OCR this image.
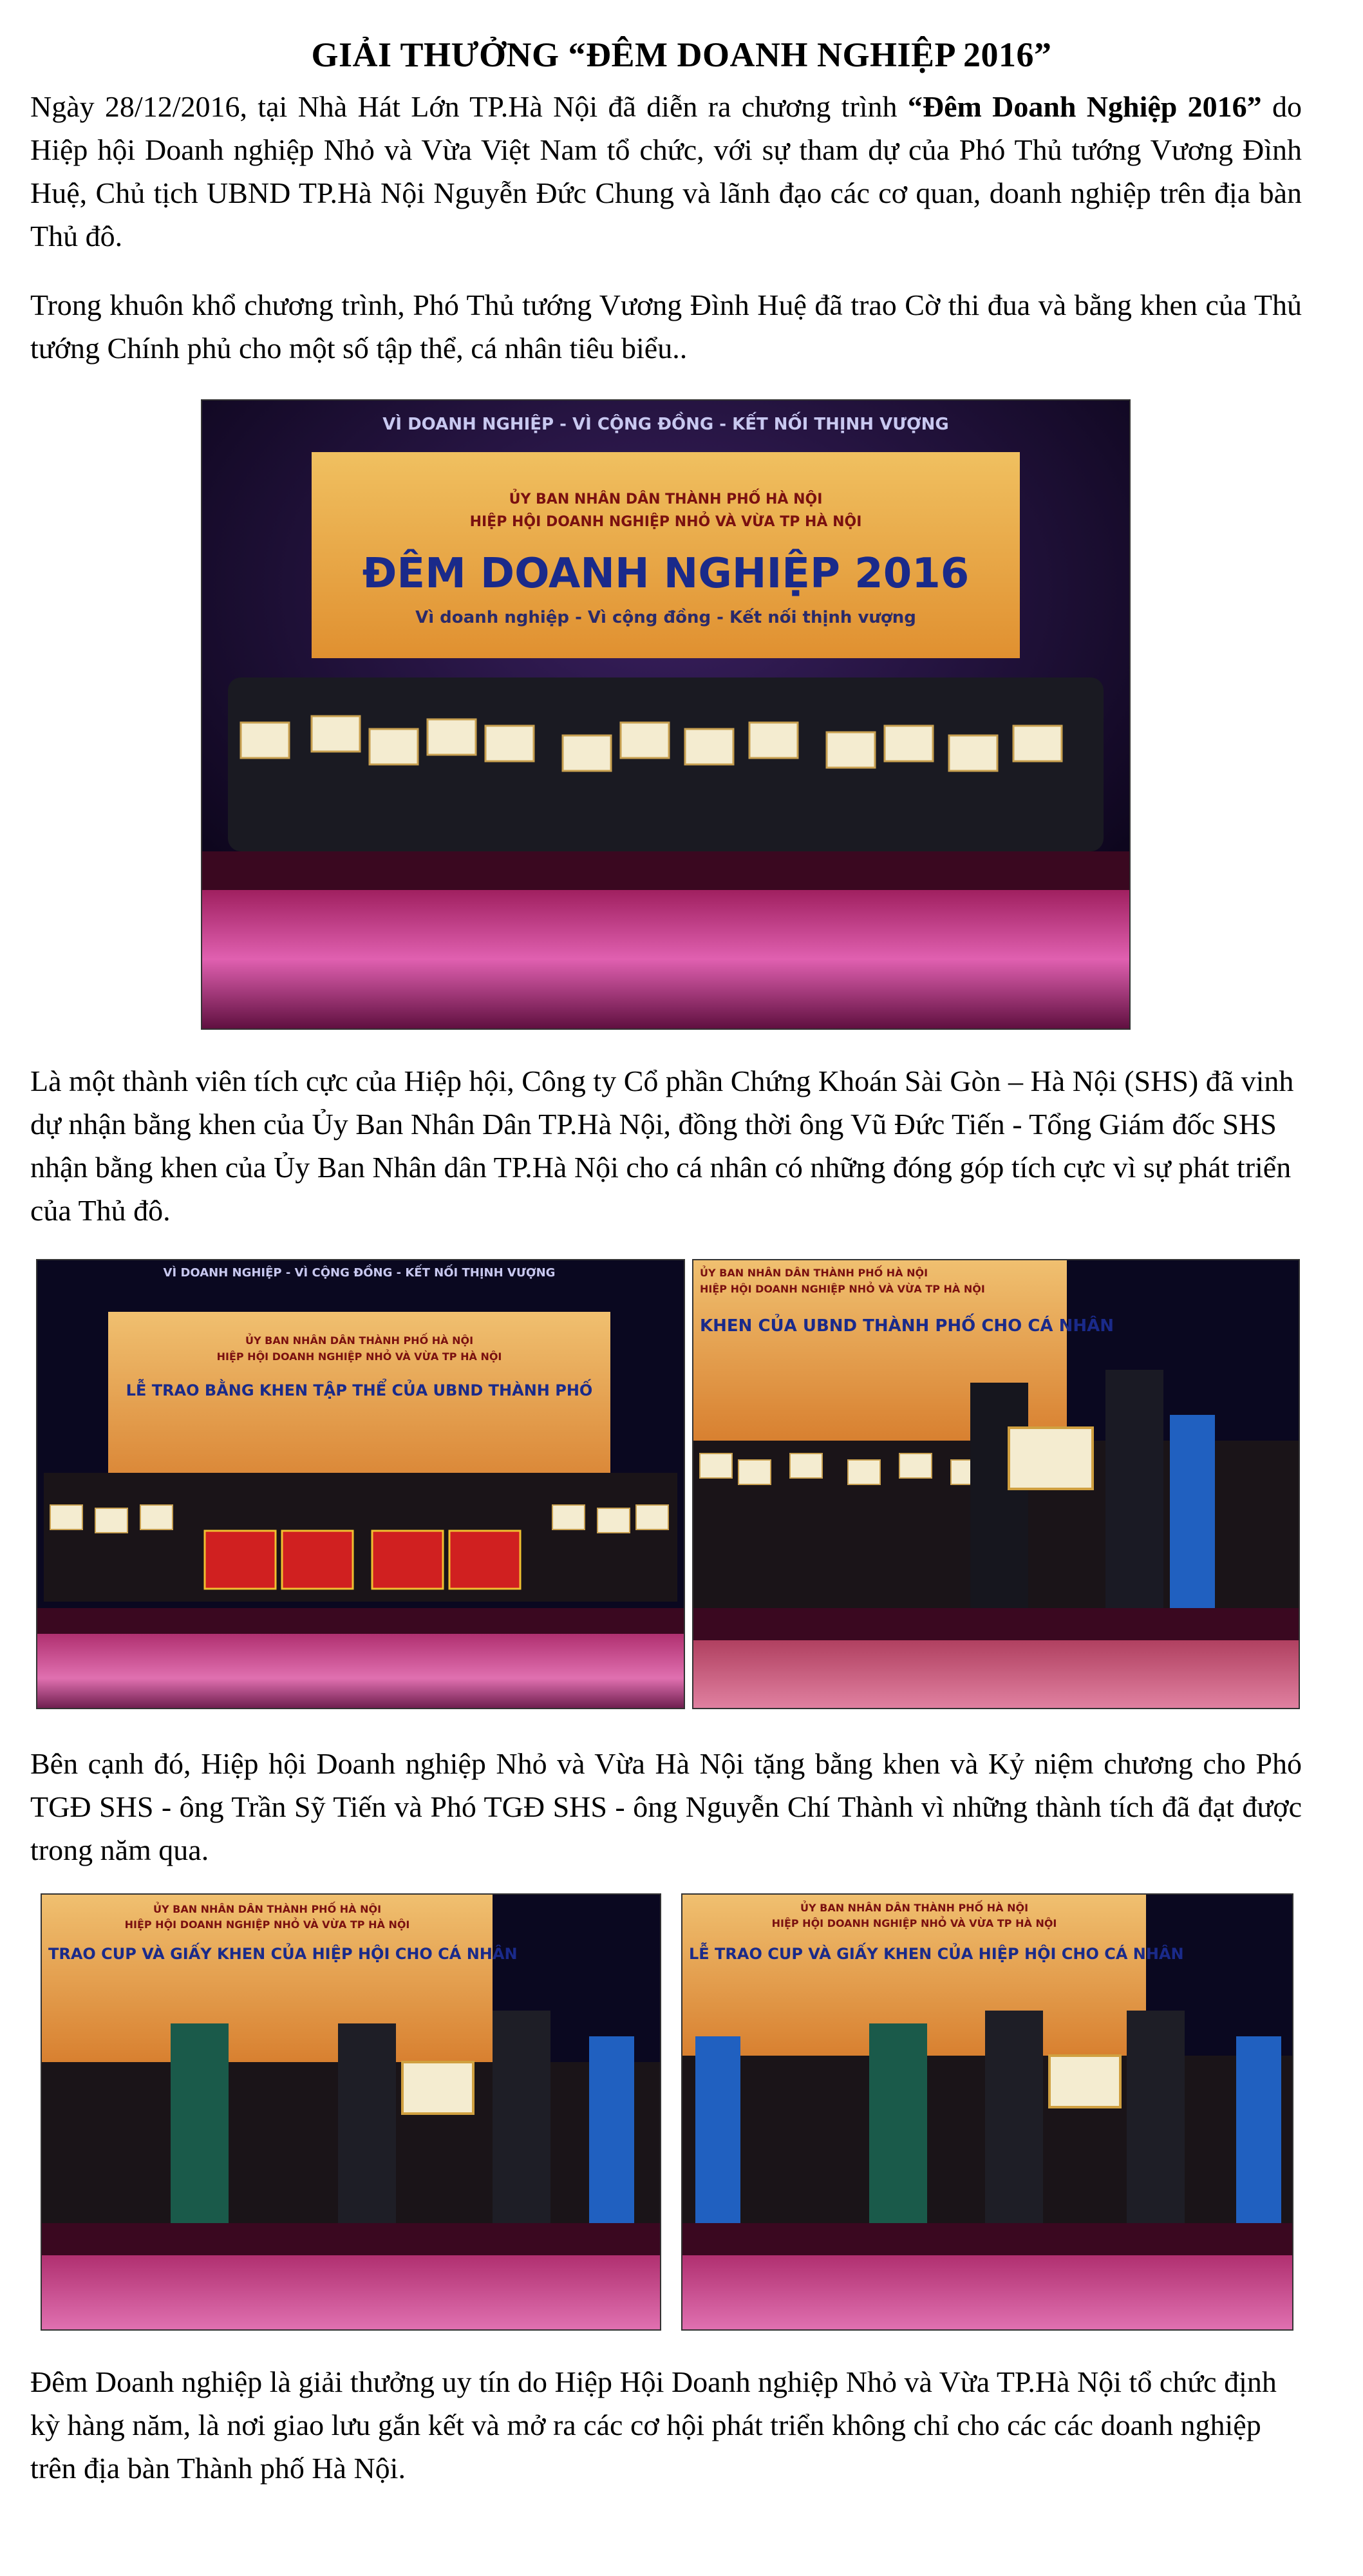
GIẢI THƯỞNG “ĐÊM DOANH NGHIỆP 2016”

Ngày 28/12/2016, tại Nhà Hát Lớn TP.Hà Nội đã diễn ra chương trình “Đêm Doanh Nghiệp 2016” do Hiệp hội Doanh nghiệp Nhỏ và Vừa Việt Nam tổ chức, với sự tham dự của Phó Thủ tướng Vương Đình Huệ, Chủ tịch UBND TP.Hà Nội Nguyễn Đức Chung và lãnh đạo các cơ quan, doanh nghiệp trên địa bàn Thủ đô.

Trong khuôn khổ chương trình, Phó Thủ tướng Vương Đình Huệ đã trao Cờ thi đua và bằng khen của Thủ tướng Chính phủ cho một số tập thể, cá nhân tiêu biểu..

VÌ DOANH NGHIỆP - VÌ CỘNG ĐỒNG - KẾT NỐI THỊNH VƯỢNG
ỦY BAN NHÂN DÂN THÀNH PHỐ HÀ NỘI
HIỆP HỘI DOANH NGHIỆP NHỎ VÀ VỪA TP HÀ NỘI
ĐÊM DOANH NGHIỆP 2016
Vì doanh nghiệp - Vì cộng đồng - Kết nối thịnh vượng

Là một thành viên tích cực của Hiệp hội, Công ty Cổ phần Chứng Khoán Sài Gòn – Hà Nội (SHS) đã vinh dự nhận bằng khen của Ủy Ban Nhân Dân TP.Hà Nội, đồng thời ông Vũ Đức Tiến - Tổng Giám đốc SHS nhận bằng khen của Ủy Ban Nhân dân TP.Hà Nội cho cá nhân có những đóng góp tích cực vì sự phát triển của Thủ đô.

VÌ DOANH NGHIỆP - VÌ CỘNG ĐỒNG - KẾT NỐI THỊNH VƯỢNG
ỦY BAN NHÂN DÂN THÀNH PHỐ HÀ NỘI
HIỆP HỘI DOANH NGHIỆP NHỎ VÀ VỪA TP HÀ NỘI
LỄ TRAO BẰNG KHEN TẬP THỂ CỦA UBND THÀNH PHỐ
ỦY BAN NHÂN DÂN THÀNH PHỐ HÀ NỘI
HIỆP HỘI DOANH NGHIỆP NHỎ VÀ VỪA TP HÀ NỘI
KHEN CỦA UBND THÀNH PHỐ CHO CÁ NHÂN

Bên cạnh đó, Hiệp hội Doanh nghiệp Nhỏ và Vừa Hà Nội tặng bằng khen và Kỷ niệm chương cho Phó TGĐ SHS - ông Trần Sỹ Tiến và Phó TGĐ SHS - ông Nguyễn Chí Thành vì những thành tích đã đạt được trong năm qua.

ỦY BAN NHÂN DÂN THÀNH PHỐ HÀ NỘI
HIỆP HỘI DOANH NGHIỆP NHỎ VÀ VỪA TP HÀ NỘI
TRAO CUP VÀ GIẤY KHEN CỦA HIỆP HỘI CHO CÁ NHÂN
ỦY BAN NHÂN DÂN THÀNH PHỐ HÀ NỘI
HIỆP HỘI DOANH NGHIỆP NHỎ VÀ VỪA TP HÀ NỘI
LỄ TRAO CUP VÀ GIẤY KHEN CỦA HIỆP HỘI CHO CÁ NHÂN

Đêm Doanh nghiệp là giải thưởng uy tín do Hiệp Hội Doanh nghiệp Nhỏ và Vừa TP.Hà Nội tổ chức định kỳ hàng năm, là nơi giao lưu gắn kết và mở ra các cơ hội phát triển không chỉ cho các các doanh nghiệp trên địa bàn Thành phố Hà Nội.
